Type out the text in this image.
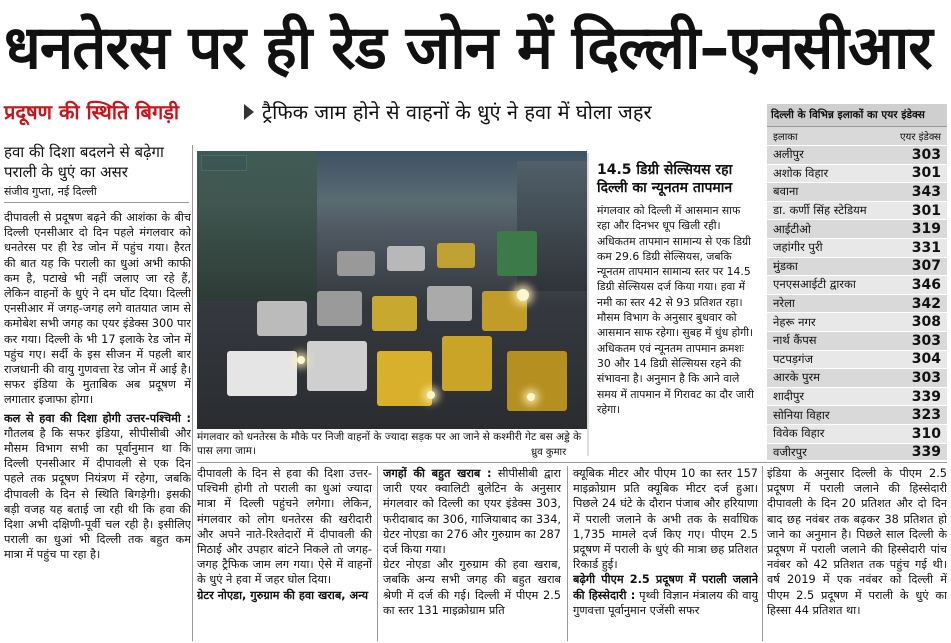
धनतेरस पर ही रेड जोन में दिल्ली–एनसीआर
प्रदूषण की स्थिति बिगड़ी	ट्रैफिक जाम होने से वाहनों के धुएं ने हवा में घोला जहर
हवा की दिशा बदलने से बढ़ेगा पराली के धुएं का असर
संजीव गुप्ता, नई दिल्ली

दीपावली से प्रदूषण बढ़ने की आशंका के बीच दिल्ली एनसीआर दो दिन पहले मंगलवार को धनतेरस पर ही रेड जोन में पहुंच गया। हैरत की बात यह कि पराली का धुआं अभी काफी कम है, पटाखे भी नहीं जलाए जा रहे हैं, लेकिन वाहनों के धुएं ने दम घोंट दिया। दिल्ली एनसीआर में जगह-जगह लगे वातयात जाम से कमोबेश सभी जगह का एयर इंडेक्स 300 पार कर गया। दिल्ली के भी 17 इलाके रेड जोन में पहुंच गए। सर्दी के इस सीजन में पहली बार राजधानी की वायु गुणवत्ता रेड जोन में आई है। सफर इंडिया के मुताबिक अब प्रदूषण में लगातार इजाफा होगा।

कल से हवा की दिशा होगी उत्तर-पश्चिमी : गौतलब है कि सफर इंडिया, सीपीसीबी और मौसम विभाग सभी का पूर्वानुमान था कि दिल्ली एनसीआर में दीपावली से एक दिन पहले तक प्रदूषण नियंत्रण में रहेगा, जबकि दीपावली के दिन से स्थिति बिगड़ेगी। इसकी बड़ी वजह यह बताई जा रही थी कि हवा की दिशा अभी दक्षिणी-पूर्वी चल रही है। इसीलिए पराली का धुआं भी दिल्ली तक बहुत कम मात्रा में पहुंच पा रहा है।

मंगलवार को धनतेरस के मौके पर निजी वाहनों के ज्यादा सड़क पर आ जाने से कश्मीरी गेट बस अड्डे के पास लगा जाम।	ध्रुव कुमार
14.5 डिग्री सेल्सियस रहा दिल्ली का न्यूनतम तापमान
मंगलवार को दिल्ली में आसमान साफ रहा और दिनभर धूप खिली रही। अधिकतम तापमान सामान्य से एक डिग्री कम 29.6 डिग्री सेल्सियस, जबकि न्यूनतम तापमान सामान्य स्तर पर 14.5 डिग्री सेल्सियस दर्ज किया गया। हवा में नमी का स्तर 42 से 93 प्रतिशत रहा। मौसम विभाग के अनुसार बुधवार को आसमान साफ रहेगा। सुबह में धुंध होगी। अधिकतम एवं न्यूनतम तापमान क्रमशः 30 और 14 डिग्री सेल्सियस रहने की संभावना है। अनुमान है कि आने वाले समय में तापमान में गिरावट का दौर जारी रहेगा।
दिल्ली के विभिन्न इलाकों का एयर इंडेक्स
इलाका	एयर इंडेक्स
अलीपुर	303
अशोक विहार	301
बवाना	343
डा. कर्णी सिंह स्टेडियम	301
आईटीओ	319
जहांगीर पुरी	331
मुंडका	307
एनएसआईटी द्वारका	346
नरेला	342
नेहरू नगर	308
नार्थ कैंपस	303
पटपड़गंज	304
आरके पुरम	303
शादीपुर	339
सोनिया विहार	323
विवेक विहार	310
वजीरपुर	339

दीपावली के दिन से हवा की दिशा उत्तर-पश्चिमी होगी तो पराली का धुआं ज्यादा मात्रा में दिल्ली पहुंचने लगेगा। लेकिन, मंगलवार को लोग धनतेरस की खरीदारी और अपने नाते-रिश्तेदारों में दीपावली की मिठाई और उपहार बांटने निकले तो जगह-जगह ट्रैफिक जाम लग गया। ऐसे में वाहनों के धुएं ने हवा में जहर घोल दिया।

ग्रेटर नोएडा, गुरुग्राम की हवा खराब, अन्य

जगहों की बहुत खराब : सीपीसीबी द्वारा जारी एयर क्वालिटी बुलेटिन के अनुसार मंगलवार को दिल्ली का एयर इंडेक्स 303, फरीदाबाद का 306, गाजियाबाद का 334, ग्रेटर नोएडा का 276 और गुरुग्राम का 287 दर्ज किया गया।

ग्रेटर नोएडा और गुरुग्राम की हवा खराब, जबकि अन्य सभी जगह की बहुत खराब श्रेणी में दर्ज की गई। दिल्ली में पीएम 2.5 का स्तर 131 माइक्रोग्राम प्रति

क्यूबिक मीटर और पीएम 10 का स्तर 157 माइक्रोग्राम प्रति क्यूबिक मीटर दर्ज हुआ। पिछले 24 घंटे के दौरान पंजाब और हरियाणा में पराली जलाने के अभी तक के सर्वाधिक 1,735 मामले दर्ज किए गए। पीएम 2.5 प्रदूषण में पराली के धुएं की मात्रा छह प्रतिशत रिकार्ड हुई।

बढ़ेगी पीएम 2.5 प्रदूषण में पराली जलाने की हिस्सेदारी : पृथ्वी विज्ञान मंत्रालय की वायु गुणवत्ता पूर्वानुमान एजेंसी सफर

इंडिया के अनुसार दिल्ली के पीएम 2.5 प्रदूषण में पराली जलाने की हिस्सेदारी दीपावली के दिन 20 प्रतिशत और दो दिन बाद छह नवंबर तक बढ़कर 38 प्रतिशत हो जाने का अनुमान है। पिछले साल दिल्ली के प्रदूषण में पराली जलाने की हिस्सेदारी पांच नवंबर को 42 प्रतिशत तक पहुंच गई थी। वर्ष 2019 में एक नवंबर को दिल्ली में पीएम 2.5 प्रदूषण में पराली के धुएं का हिस्सा 44 प्रतिशत था।
